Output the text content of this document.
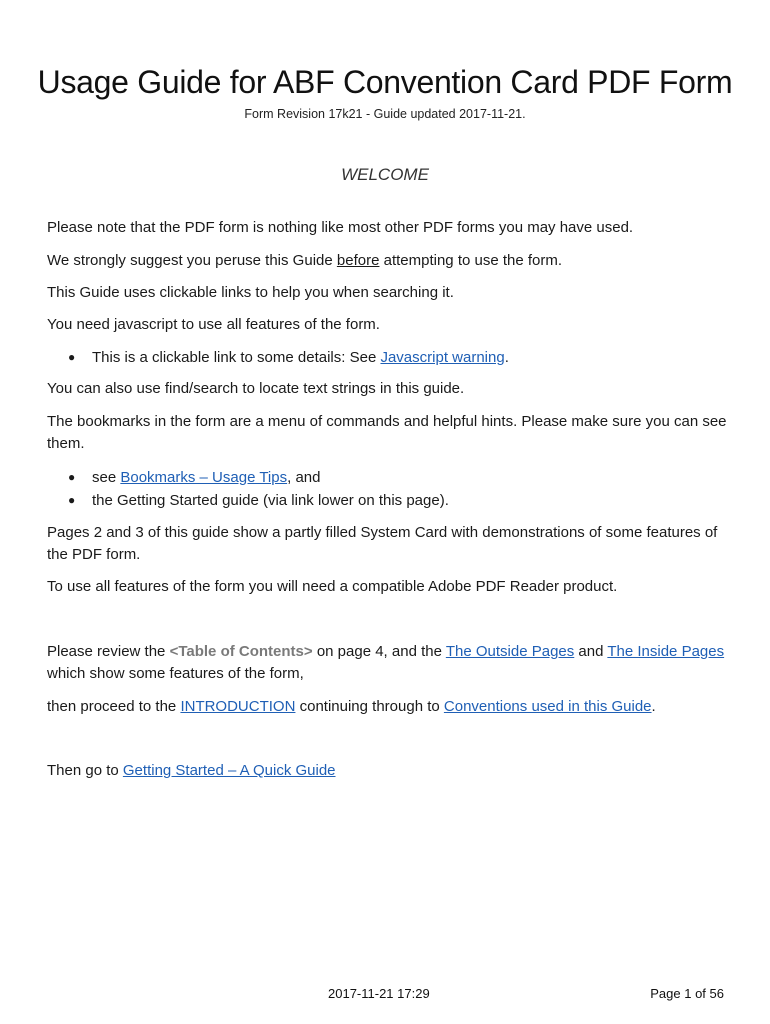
Usage Guide for ABF Convention Card PDF Form
Form Revision 17k21 - Guide updated 2017-11-21.
WELCOME

Please note that the PDF form is nothing like most other PDF forms you may have used.

We strongly suggest you peruse this Guide before attempting to use the form.

This Guide uses clickable links to help you when searching it.

You need javascript to use all features of the form.

● This is a clickable link to some details: See Javascript warning.

You can also use find/search to locate text strings in this guide.

The bookmarks in the form are a menu of commands and helpful hints. Please make sure you can see them.

● see Bookmarks – Usage Tips, and
● the Getting Started guide (via link lower on this page).

Pages 2 and 3 of this guide show a partly filled System Card with demonstrations of some features of the PDF form.

To use all features of the form you will need a compatible Adobe PDF Reader product.

Please review the <Table of Contents> on page 4, and the The Outside Pages and The Inside Pages which show some features of the form,

then proceed to the INTRODUCTION continuing through to Conventions used in this Guide.

Then go to Getting Started – A Quick Guide

2017-11-21 17:29	Page 1 of 56
